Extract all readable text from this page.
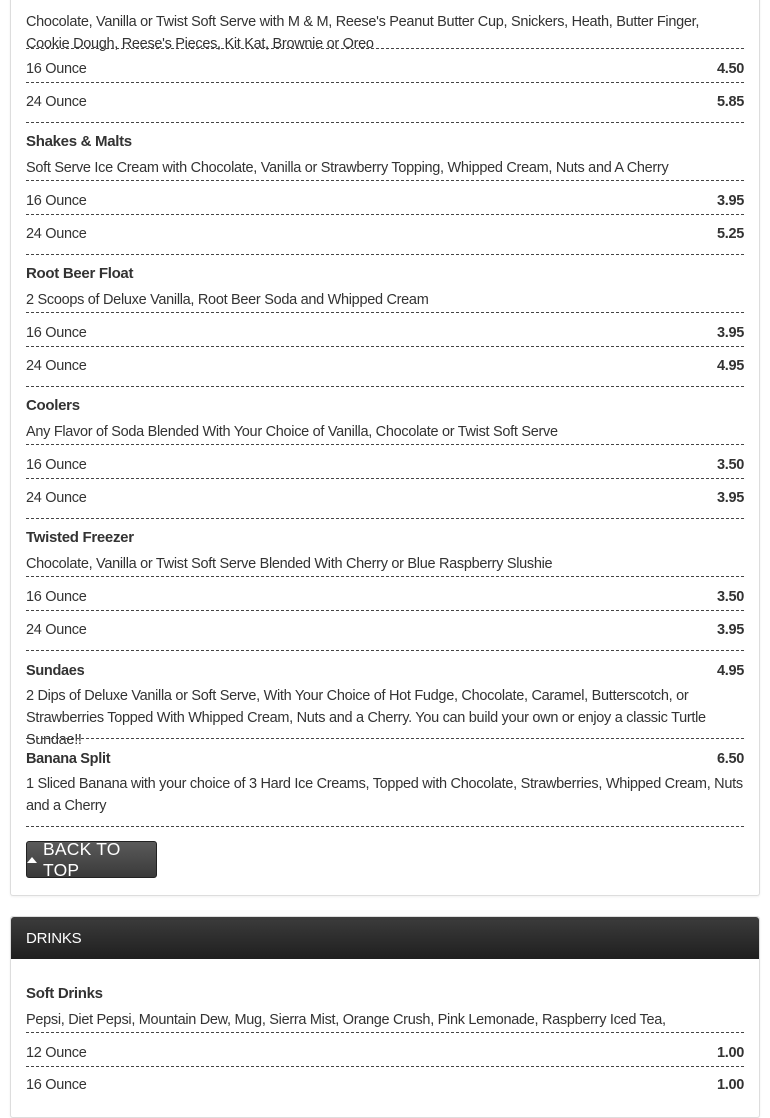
Chocolate, Vanilla or Twist Soft Serve with M & M, Reese's Peanut Butter Cup, Snickers, Heath, Butter Finger, Cookie Dough, Reese's Pieces, Kit Kat, Brownie or Oreo
16 Ounce	4.50
24 Ounce	5.85
Shakes & Malts
Soft Serve Ice Cream with Chocolate, Vanilla or Strawberry Topping, Whipped Cream, Nuts and A Cherry
16 Ounce	3.95
24 Ounce	5.25
Root Beer Float
2 Scoops of Deluxe Vanilla, Root Beer Soda and Whipped Cream
16 Ounce	3.95
24 Ounce	4.95
Coolers
Any Flavor of Soda Blended With Your Choice of Vanilla, Chocolate or Twist Soft Serve
16 Ounce	3.50
24 Ounce	3.95
Twisted Freezer
Chocolate, Vanilla or Twist Soft Serve Blended With Cherry or Blue Raspberry Slushie
16 Ounce	3.50
24 Ounce	3.95
Sundaes	4.95
2 Dips of Deluxe Vanilla or Soft Serve, With Your Choice of Hot Fudge, Chocolate, Caramel, Butterscotch, or Strawberries Topped With Whipped Cream, Nuts and a Cherry. You can build your own or enjoy a classic Turtle Sundae!!
Banana Split	6.50
1 Sliced Banana with your choice of 3 Hard Ice Creams, Topped with Chocolate, Strawberries, Whipped Cream, Nuts and a Cherry
BACK TO TOP
DRINKS
Soft Drinks
Pepsi, Diet Pepsi, Mountain Dew, Mug, Sierra Mist, Orange Crush, Pink Lemonade, Raspberry Iced Tea,
12 Ounce	1.00
16 Ounce	1.00
